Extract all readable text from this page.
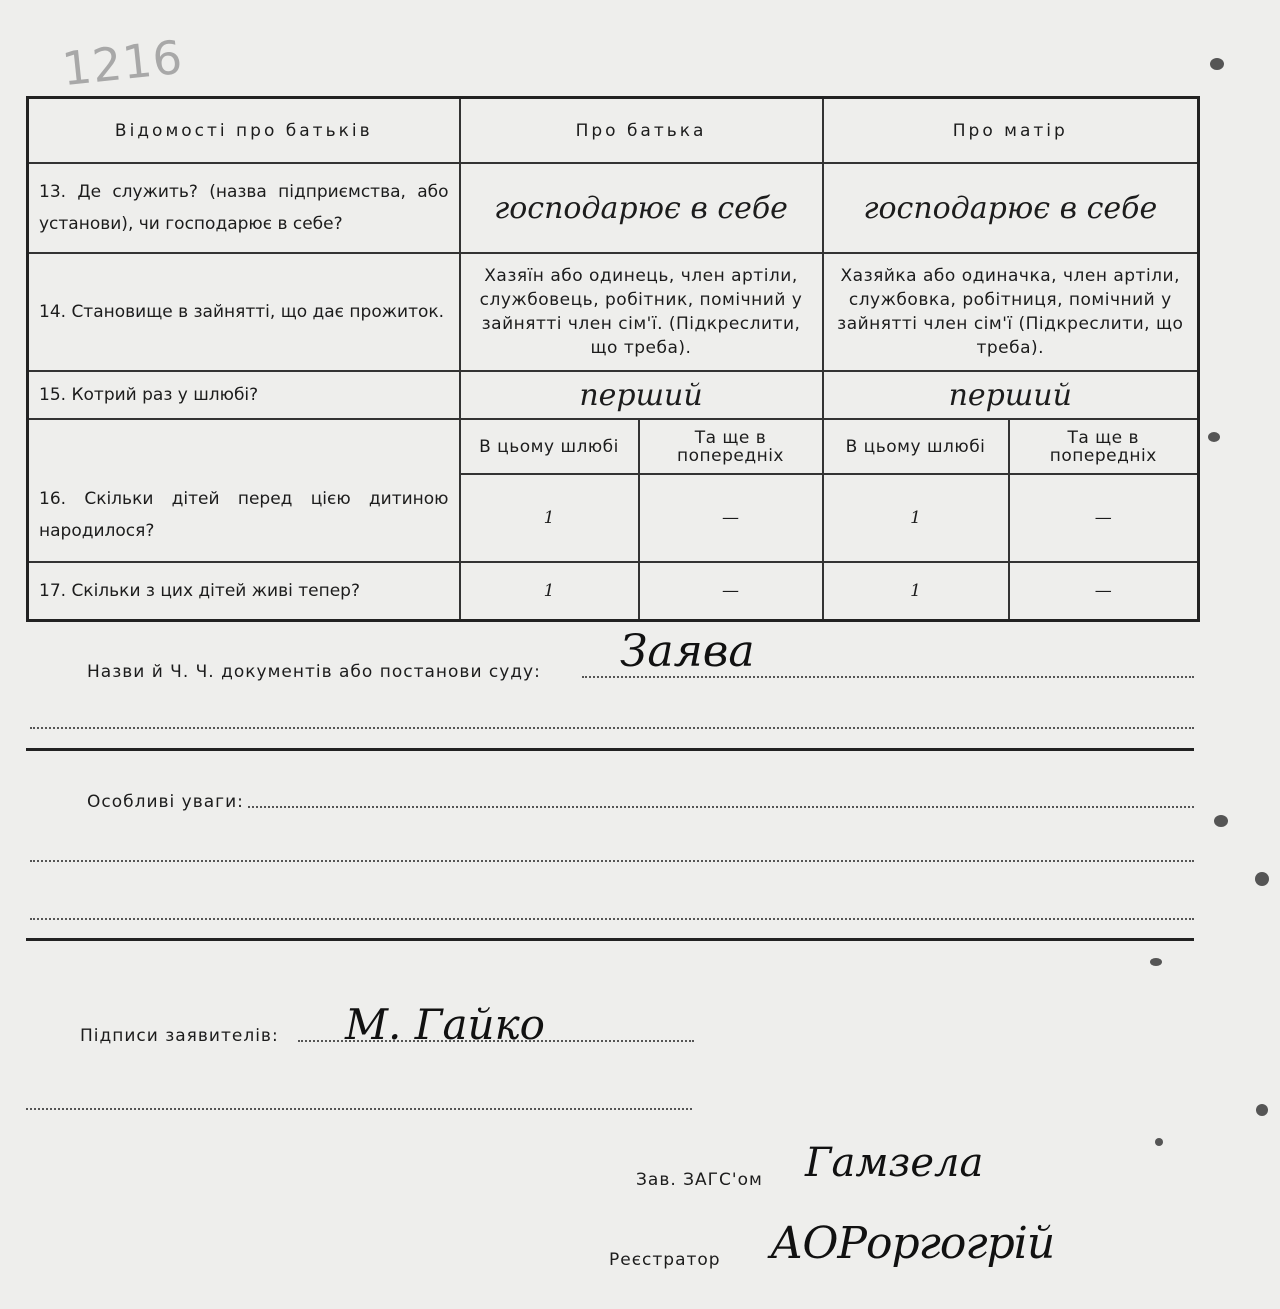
1216
Відомості про батьків	Про батька		Про матір	
13. Де служить? (назва підприємства, або установи), чи господарює в себе?	господарює в себе		господарює в себе	
14. Становище в зайнятті, що дає прожиток.	Хазяїн або одинець, член артіли, службовець, робітник, помічний у зайнятті член сім'ї. (Підкреслити, що треба).		Хазяйка або одиначка, член артіли, службовка, робітниця, помічний у зайнятті член сім'ї (Підкреслити, що треба).	
15. Котрий раз у шлюбі?	перший		перший	
16. Скільки дітей перед цією дитиною народилося?	В цьому шлюбі	Та ще в попередніх	В цьому шлюбі	Та ще в попередніх
	1	—	1	—
17. Скільки з цих дітей живі тепер?	1	—	1	—
Назви й Ч. Ч. документів або постанови суду: Заява
Особливі уваги:
Підписи заявителів: М. Гайко
Зав. ЗАГС'ом Гамзела
Реєстратор АОРоргогрій
